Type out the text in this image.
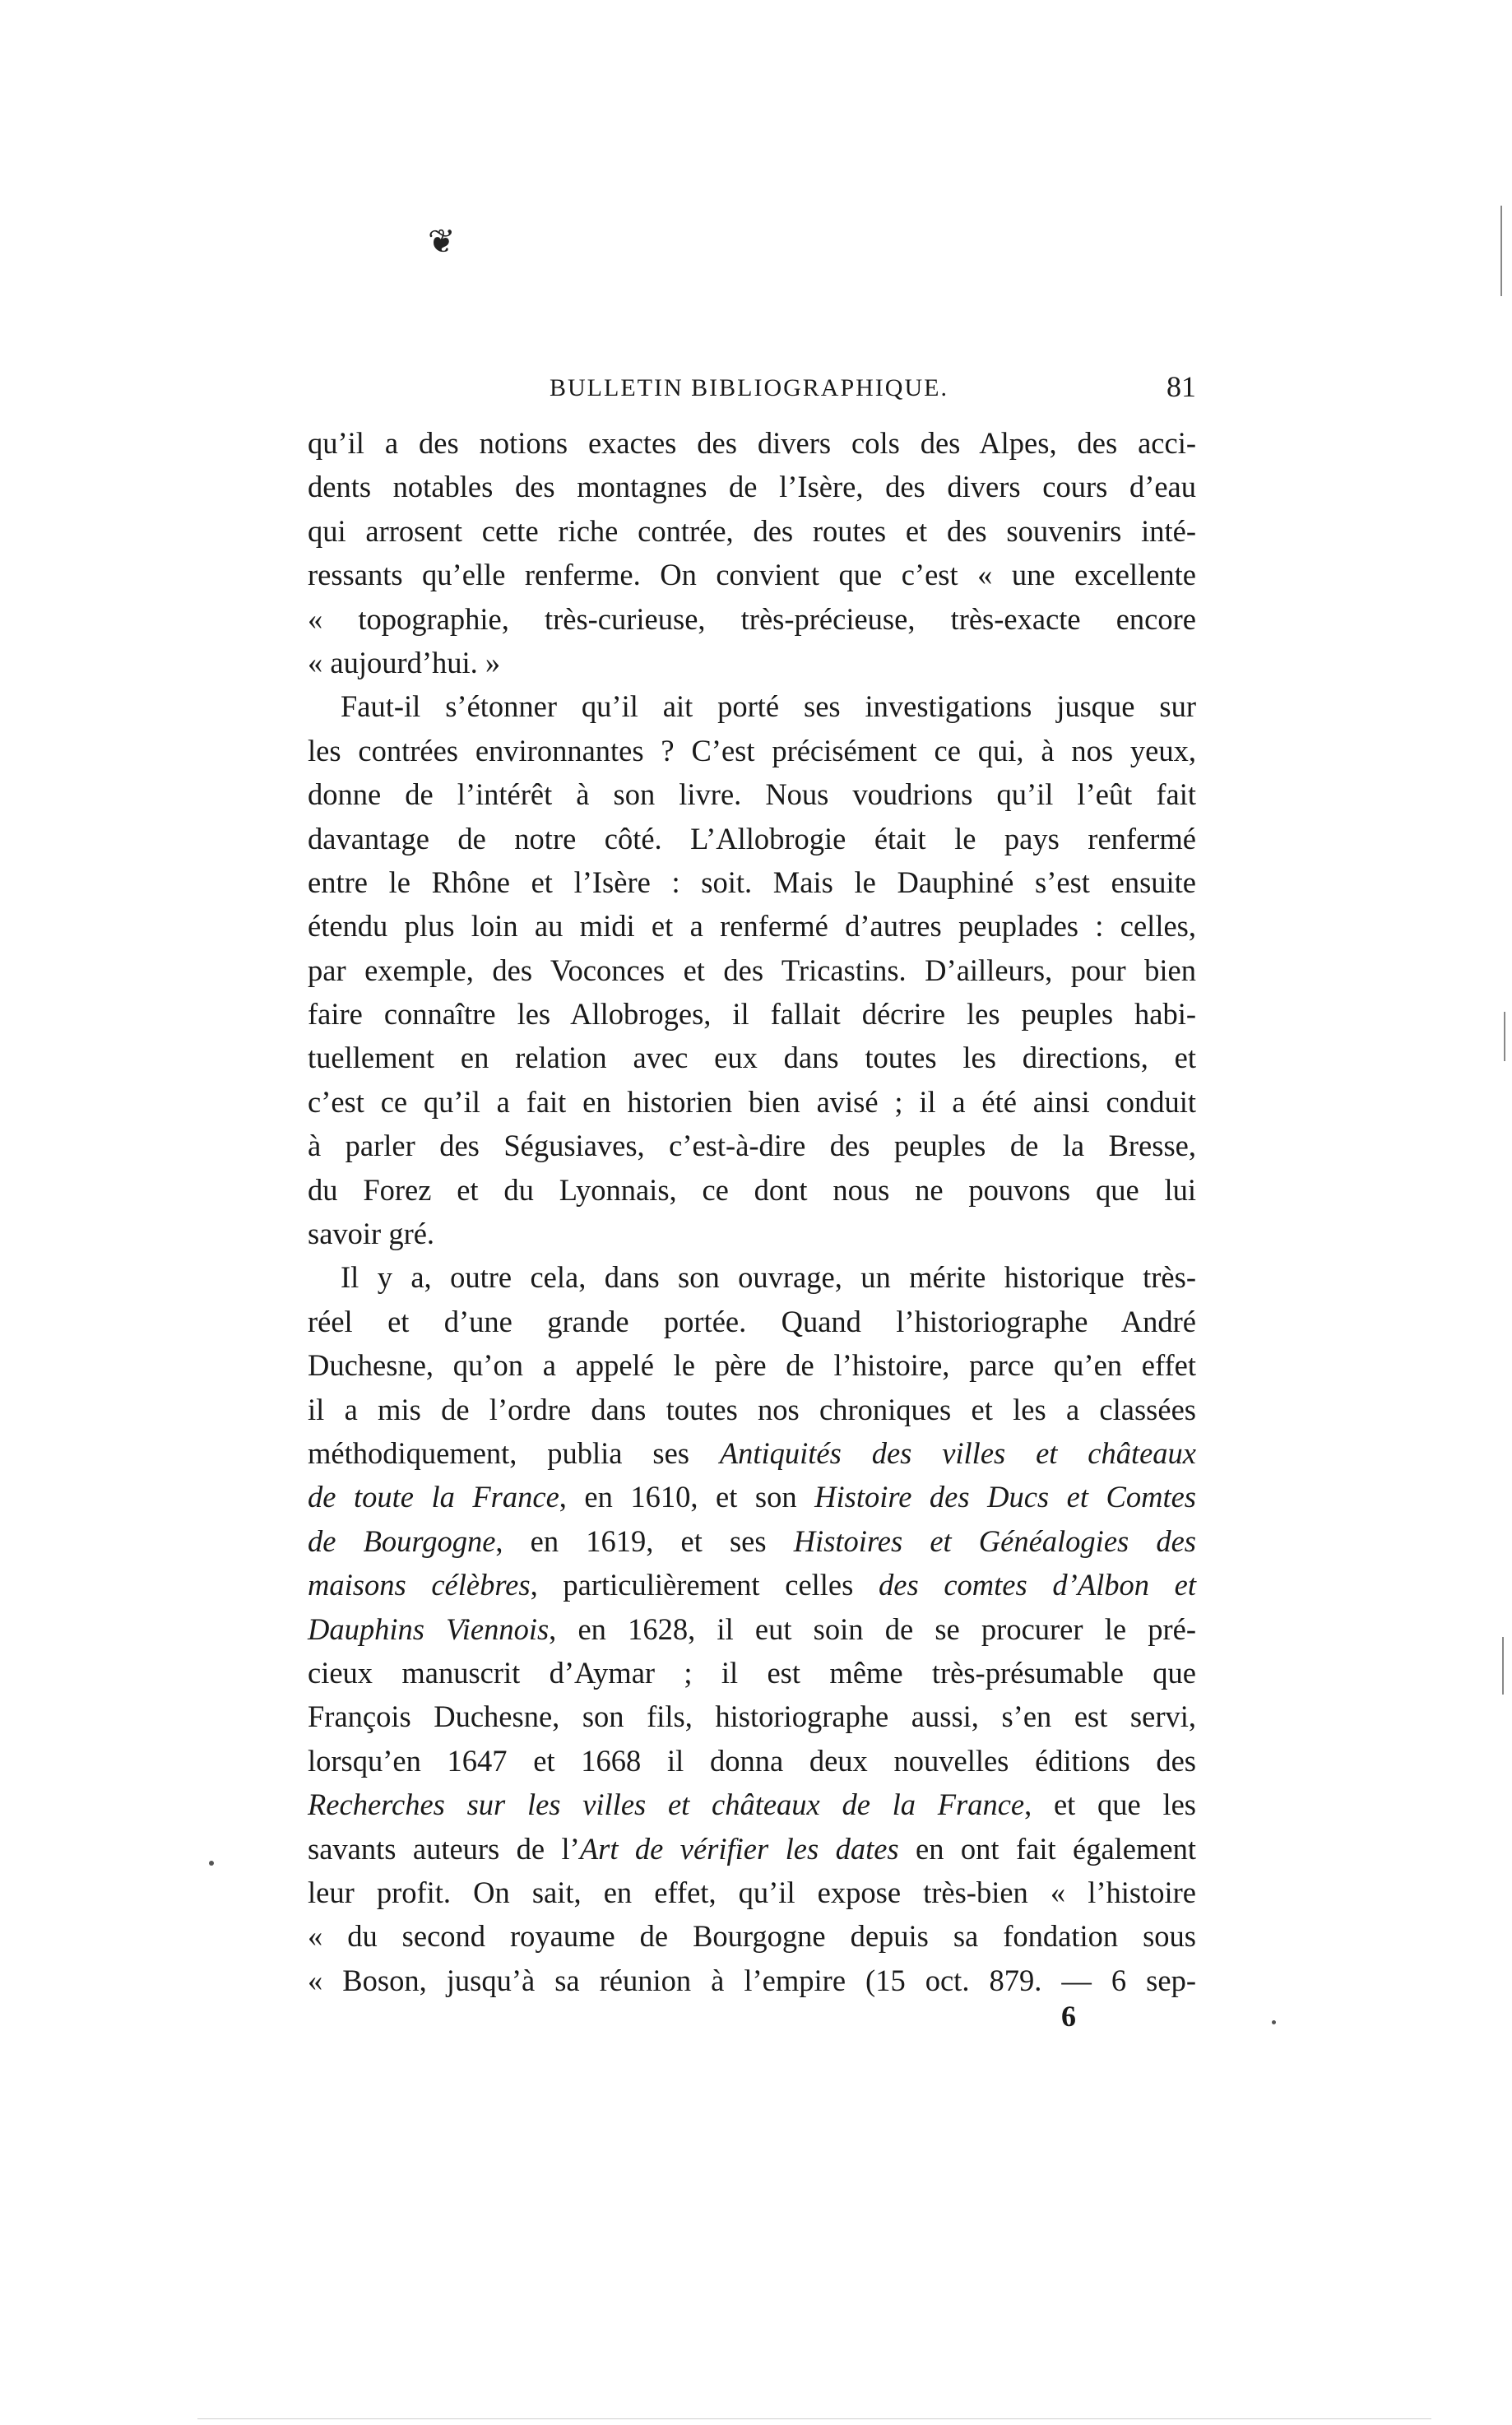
❦
BULLETIN BIBLIOGRAPHIQUE.	81
qu’il a des notions exactes des divers cols des Alpes, des acci-
dents notables des montagnes de l’Isère, des divers cours d’eau
qui arrosent cette riche contrée, des routes et des souvenirs inté-
ressants qu’elle renferme. On convient que c’est « une excellente
« topographie, très-curieuse, très-précieuse, très-exacte encore
« aujourd’hui. »
Faut-il s’étonner qu’il ait porté ses investigations jusque sur
les contrées environnantes ? C’est précisément ce qui, à nos yeux,
donne de l’intérêt à son livre. Nous voudrions qu’il l’eût fait
davantage de notre côté. L’Allobrogie était le pays renfermé
entre le Rhône et l’Isère : soit. Mais le Dauphiné s’est ensuite
étendu plus loin au midi et a renfermé d’autres peuplades : celles,
par exemple, des Voconces et des Tricastins. D’ailleurs, pour bien
faire connaître les Allobroges, il fallait décrire les peuples habi-
tuellement en relation avec eux dans toutes les directions, et
c’est ce qu’il a fait en historien bien avisé ; il a été ainsi conduit
à parler des Ségusiaves, c’est-à-dire des peuples de la Bresse,
du Forez et du Lyonnais, ce dont nous ne pouvons que lui
savoir gré.
Il y a, outre cela, dans son ouvrage, un mérite historique très-
réel et d’une grande portée. Quand l’historiographe André
Duchesne, qu’on a appelé le père de l’histoire, parce qu’en effet
il a mis de l’ordre dans toutes nos chroniques et les a classées
méthodiquement, publia ses Antiquités des villes et châteaux
de toute la France, en 1610, et son Histoire des Ducs et Comtes
de Bourgogne, en 1619, et ses Histoires et Généalogies des
maisons célèbres, particulièrement celles des comtes d’Albon et
Dauphins Viennois, en 1628, il eut soin de se procurer le pré-
cieux manuscrit d’Aymar ; il est même très-présumable que
François Duchesne, son fils, historiographe aussi, s’en est servi,
lorsqu’en 1647 et 1668 il donna deux nouvelles éditions des
Recherches sur les villes et châteaux de la France, et que les
savants auteurs de l’Art de vérifier les dates en ont fait également
leur profit. On sait, en effet, qu’il expose très-bien « l’histoire
« du second royaume de Bourgogne depuis sa fondation sous
« Boson, jusqu’à sa réunion à l’empire (15 oct. 879. — 6 sep-
6
